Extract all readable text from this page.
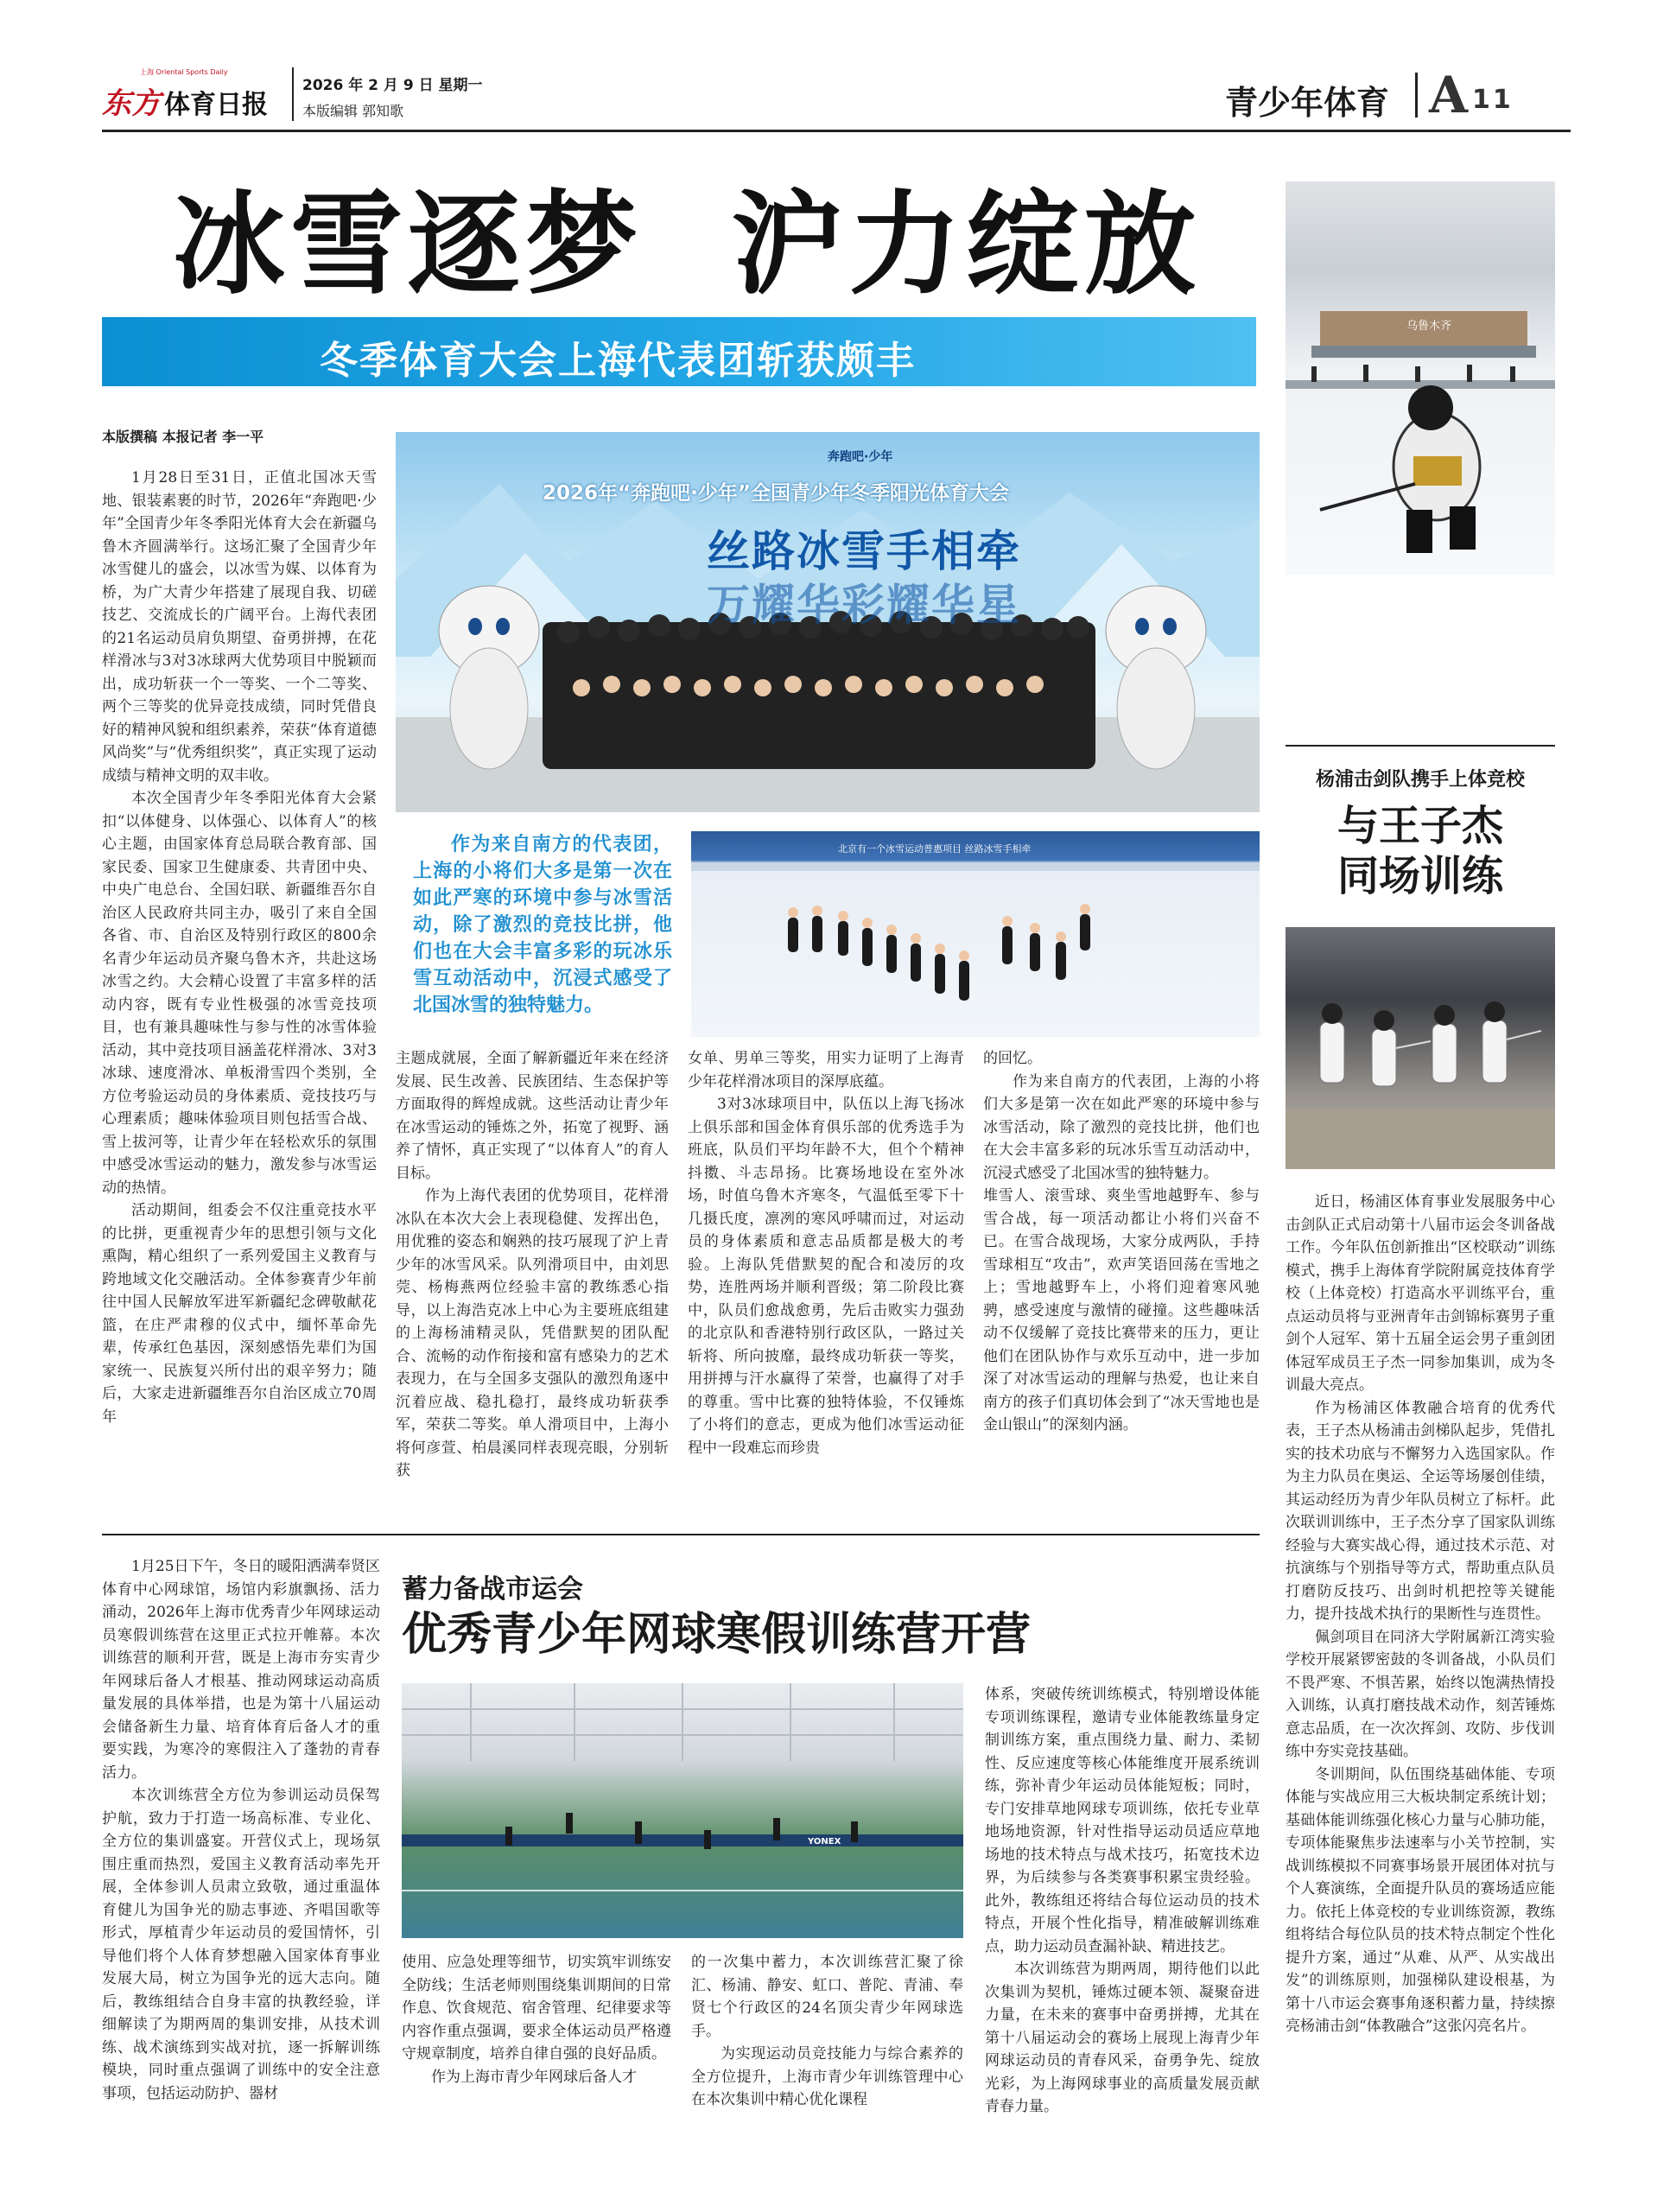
上海 Oriental Sports Daily
东方 体育日报
2026 年 2 月 9 日 星期一
本版编辑 郭知歌	青少年体育 A 11
冰雪逐梦  沪力绽放
冬季体育大会上海代表团斩获颇丰
本版撰稿 本报记者 李一平

1月28日至31日，正值北国冰天雪地、银装素裹的时节，2026年“奔跑吧·少年”全国青少年冬季阳光体育大会在新疆乌鲁木齐圆满举行。这场汇聚了全国青少年冰雪健儿的盛会，以冰雪为媒、以体育为桥，为广大青少年搭建了展现自我、切磋技艺、交流成长的广阔平台。上海代表团的21名运动员肩负期望、奋勇拼搏，在花样滑冰与3对3冰球两大优势项目中脱颖而出，成功斩获一个一等奖、一个二等奖、两个三等奖的优异竞技成绩，同时凭借良好的精神风貌和组织素养，荣获“体育道德风尚奖”与“优秀组织奖”，真正实现了运动成绩与精神文明的双丰收。

本次全国青少年冬季阳光体育大会紧扣“以体健身、以体强心、以体育人”的核心主题，由国家体育总局联合教育部、国家民委、国家卫生健康委、共青团中央、中央广电总台、全国妇联、新疆维吾尔自治区人民政府共同主办，吸引了来自全国各省、市、自治区及特别行政区的800余名青少年运动员齐聚乌鲁木齐，共赴这场冰雪之约。大会精心设置了丰富多样的活动内容，既有专业性极强的冰雪竞技项目，也有兼具趣味性与参与性的冰雪体验活动，其中竞技项目涵盖花样滑冰、3对3冰球、速度滑冰、单板滑雪四个类别，全方位考验运动员的身体素质、竞技技巧与心理素质；趣味体验项目则包括雪合战、雪上拔河等，让青少年在轻松欢乐的氛围中感受冰雪运动的魅力，激发参与冰雪运动的热情。

活动期间，组委会不仅注重竞技水平的比拼，更重视青少年的思想引领与文化熏陶，精心组织了一系列爱国主义教育与跨地域文化交融活动。全体参赛青少年前往中国人民解放军进军新疆纪念碑敬献花篮，在庄严肃穆的仪式中，缅怀革命先辈，传承红色基因，深刻感悟先辈们为国家统一、民族复兴所付出的艰辛努力；随后，大家走进新疆维吾尔自治区成立70周年

奔跑吧·少年
2026年“奔跑吧·少年”全国青少年冬季阳光体育大会
丝路冰雪手相牵
万耀华彩耀华星
作为来自南方的代表团，上海的小将们大多是第一次在如此严寒的环境中参与冰雪活动，除了激烈的竞技比拼，他们也在大会丰富多彩的玩冰乐雪互动活动中，沉浸式感受了北国冰雪的独特魅力。
北京有一个冰雪运动普惠项目 丝路冰雪手相牵

主题成就展，全面了解新疆近年来在经济发展、民生改善、民族团结、生态保护等方面取得的辉煌成就。这些活动让青少年在冰雪运动的锤炼之外，拓宽了视野、涵养了情怀，真正实现了“以体育人”的育人目标。

作为上海代表团的优势项目，花样滑冰队在本次大会上表现稳健、发挥出色，用优雅的姿态和娴熟的技巧展现了沪上青少年的冰雪风采。队列滑项目中，由刘思莞、杨梅燕两位经验丰富的教练悉心指导，以上海浩克冰上中心为主要班底组建的上海杨浦精灵队，凭借默契的团队配合、流畅的动作衔接和富有感染力的艺术表现力，在与全国多支强队的激烈角逐中沉着应战、稳扎稳打，最终成功斩获季军，荣获二等奖。单人滑项目中，上海小将何彦萱、柏晨溪同样表现亮眼，分别斩获

女单、男单三等奖，用实力证明了上海青少年花样滑冰项目的深厚底蕴。

3对3冰球项目中，队伍以上海飞扬冰上俱乐部和国金体育俱乐部的优秀选手为班底，队员们平均年龄不大，但个个精神抖擞、斗志昂扬。比赛场地设在室外冰场，时值乌鲁木齐寒冬，气温低至零下十几摄氏度，凛冽的寒风呼啸而过，对运动员的身体素质和意志品质都是极大的考验。上海队凭借默契的配合和凌厉的攻势，连胜两场并顺利晋级；第二阶段比赛中，队员们愈战愈勇，先后击败实力强劲的北京队和香港特别行政区队，一路过关斩将、所向披靡，最终成功斩获一等奖，用拼搏与汗水赢得了荣誉，也赢得了对手的尊重。雪中比赛的独特体验，不仅锤炼了小将们的意志，更成为他们冰雪运动征程中一段难忘而珍贵

的回忆。

作为来自南方的代表团，上海的小将们大多是第一次在如此严寒的环境中参与冰雪活动，除了激烈的竞技比拼，他们也在大会丰富多彩的玩冰乐雪互动活动中，沉浸式感受了北国冰雪的独特魅力。

堆雪人、滚雪球、爽坐雪地越野车、参与雪合战，每一项活动都让小将们兴奋不已。在雪合战现场，大家分成两队，手持雪球相互“攻击”，欢声笑语回荡在雪地之上；雪地越野车上，小将们迎着寒风驰骋，感受速度与激情的碰撞。这些趣味活动不仅缓解了竞技比赛带来的压力，更让他们在团队协作与欢乐互动中，进一步加深了对冰雪运动的理解与热爱，也让来自南方的孩子们真切体会到了“冰天雪地也是金山银山”的深刻内涵。

乌鲁木齐
杨浦击剑队携手上体竞校
与王子杰
同场训练

近日，杨浦区体育事业发展服务中心击剑队正式启动第十八届市运会冬训备战工作。今年队伍创新推出“区校联动”训练模式，携手上海体育学院附属竞技体育学校（上体竞校）打造高水平训练平台，重点运动员将与亚洲青年击剑锦标赛男子重剑个人冠军、第十五届全运会男子重剑团体冠军成员王子杰一同参加集训，成为冬训最大亮点。

作为杨浦区体教融合培育的优秀代表，王子杰从杨浦击剑梯队起步，凭借扎实的技术功底与不懈努力入选国家队。作为主力队员在奥运、全运等场屡创佳绩，其运动经历为青少年队员树立了标杆。此次联训训练中，王子杰分享了国家队训练经验与大赛实战心得，通过技术示范、对抗演练与个别指导等方式，帮助重点队员打磨防反技巧、出剑时机把控等关键能力，提升技战术执行的果断性与连贯性。

佩剑项目在同济大学附属新江湾实验学校开展紧锣密鼓的冬训备战，小队员们不畏严寒、不惧苦累，始终以饱满热情投入训练，认真打磨技战术动作，刻苦锤炼意志品质，在一次次挥剑、攻防、步伐训练中夯实竞技基础。

冬训期间，队伍围绕基础体能、专项体能与实战应用三大板块制定系统计划；基础体能训练强化核心力量与心肺功能，专项体能聚焦步法速率与小关节控制，实战训练模拟不同赛事场景开展团体对抗与个人赛演练，全面提升队员的赛场适应能力。依托上体竞校的专业训练资源，教练组将结合每位队员的技术特点制定个性化提升方案，通过“从难、从严、从实战出发”的训练原则，加强梯队建设根基，为第十八市运会赛事角逐积蓄力量，持续擦亮杨浦击剑“体教融合”这张闪亮名片。

1月25日下午，冬日的暖阳洒满奉贤区体育中心网球馆，场馆内彩旗飘扬、活力涌动，2026年上海市优秀青少年网球运动员寒假训练营在这里正式拉开帷幕。本次训练营的顺利开营，既是上海市夯实青少年网球后备人才根基、推动网球运动高质量发展的具体举措，也是为第十八届运动会储备新生力量、培育体育后备人才的重要实践，为寒冷的寒假注入了蓬勃的青春活力。

本次训练营全方位为参训运动员保驾护航，致力于打造一场高标准、专业化、全方位的集训盛宴。开营仪式上，现场氛围庄重而热烈，爱国主义教育活动率先开展，全体参训人员肃立致敬，通过重温体育健儿为国争光的励志事迹、齐唱国歌等形式，厚植青少年运动员的爱国情怀，引导他们将个人体育梦想融入国家体育事业发展大局，树立为国争光的远大志向。随后，教练组结合自身丰富的执教经验，详细解读了为期两周的集训安排，从技术训练、战术演练到实战对抗，逐一拆解训练模块，同时重点强调了训练中的安全注意事项，包括运动防护、器材

蓄力备战市运会
优秀青少年网球寒假训练营开营
YONEX

使用、应急处理等细节，切实筑牢训练安全防线；生活老师则围绕集训期间的日常作息、饮食规范、宿舍管理、纪律要求等内容作重点强调，要求全体运动员严格遵守规章制度，培养自律自强的良好品质。

作为上海市青少年网球后备人才

的一次集中蓄力，本次训练营汇聚了徐汇、杨浦、静安、虹口、普陀、青浦、奉贤七个行政区的24名顶尖青少年网球选手。

为实现运动员竞技能力与综合素养的全方位提升，上海市青少年训练管理中心在本次集训中精心优化课程

体系，突破传统训练模式，特别增设体能专项训练课程，邀请专业体能教练量身定制训练方案，重点围绕力量、耐力、柔韧性、反应速度等核心体能维度开展系统训练，弥补青少年运动员体能短板；同时，专门安排草地网球专项训练，依托专业草地场地资源，针对性指导运动员适应草地场地的技术特点与战术技巧，拓宽技术边界，为后续参与各类赛事积累宝贵经验。此外，教练组还将结合每位运动员的技术特点，开展个性化指导，精准破解训练难点，助力运动员查漏补缺、精进技艺。

本次训练营为期两周，期待他们以此次集训为契机，锤炼过硬本领、凝聚奋进力量，在未来的赛事中奋勇拼搏，尤其在第十八届运动会的赛场上展现上海青少年网球运动员的青春风采，奋勇争先、绽放光彩，为上海网球事业的高质量发展贡献青春力量。
